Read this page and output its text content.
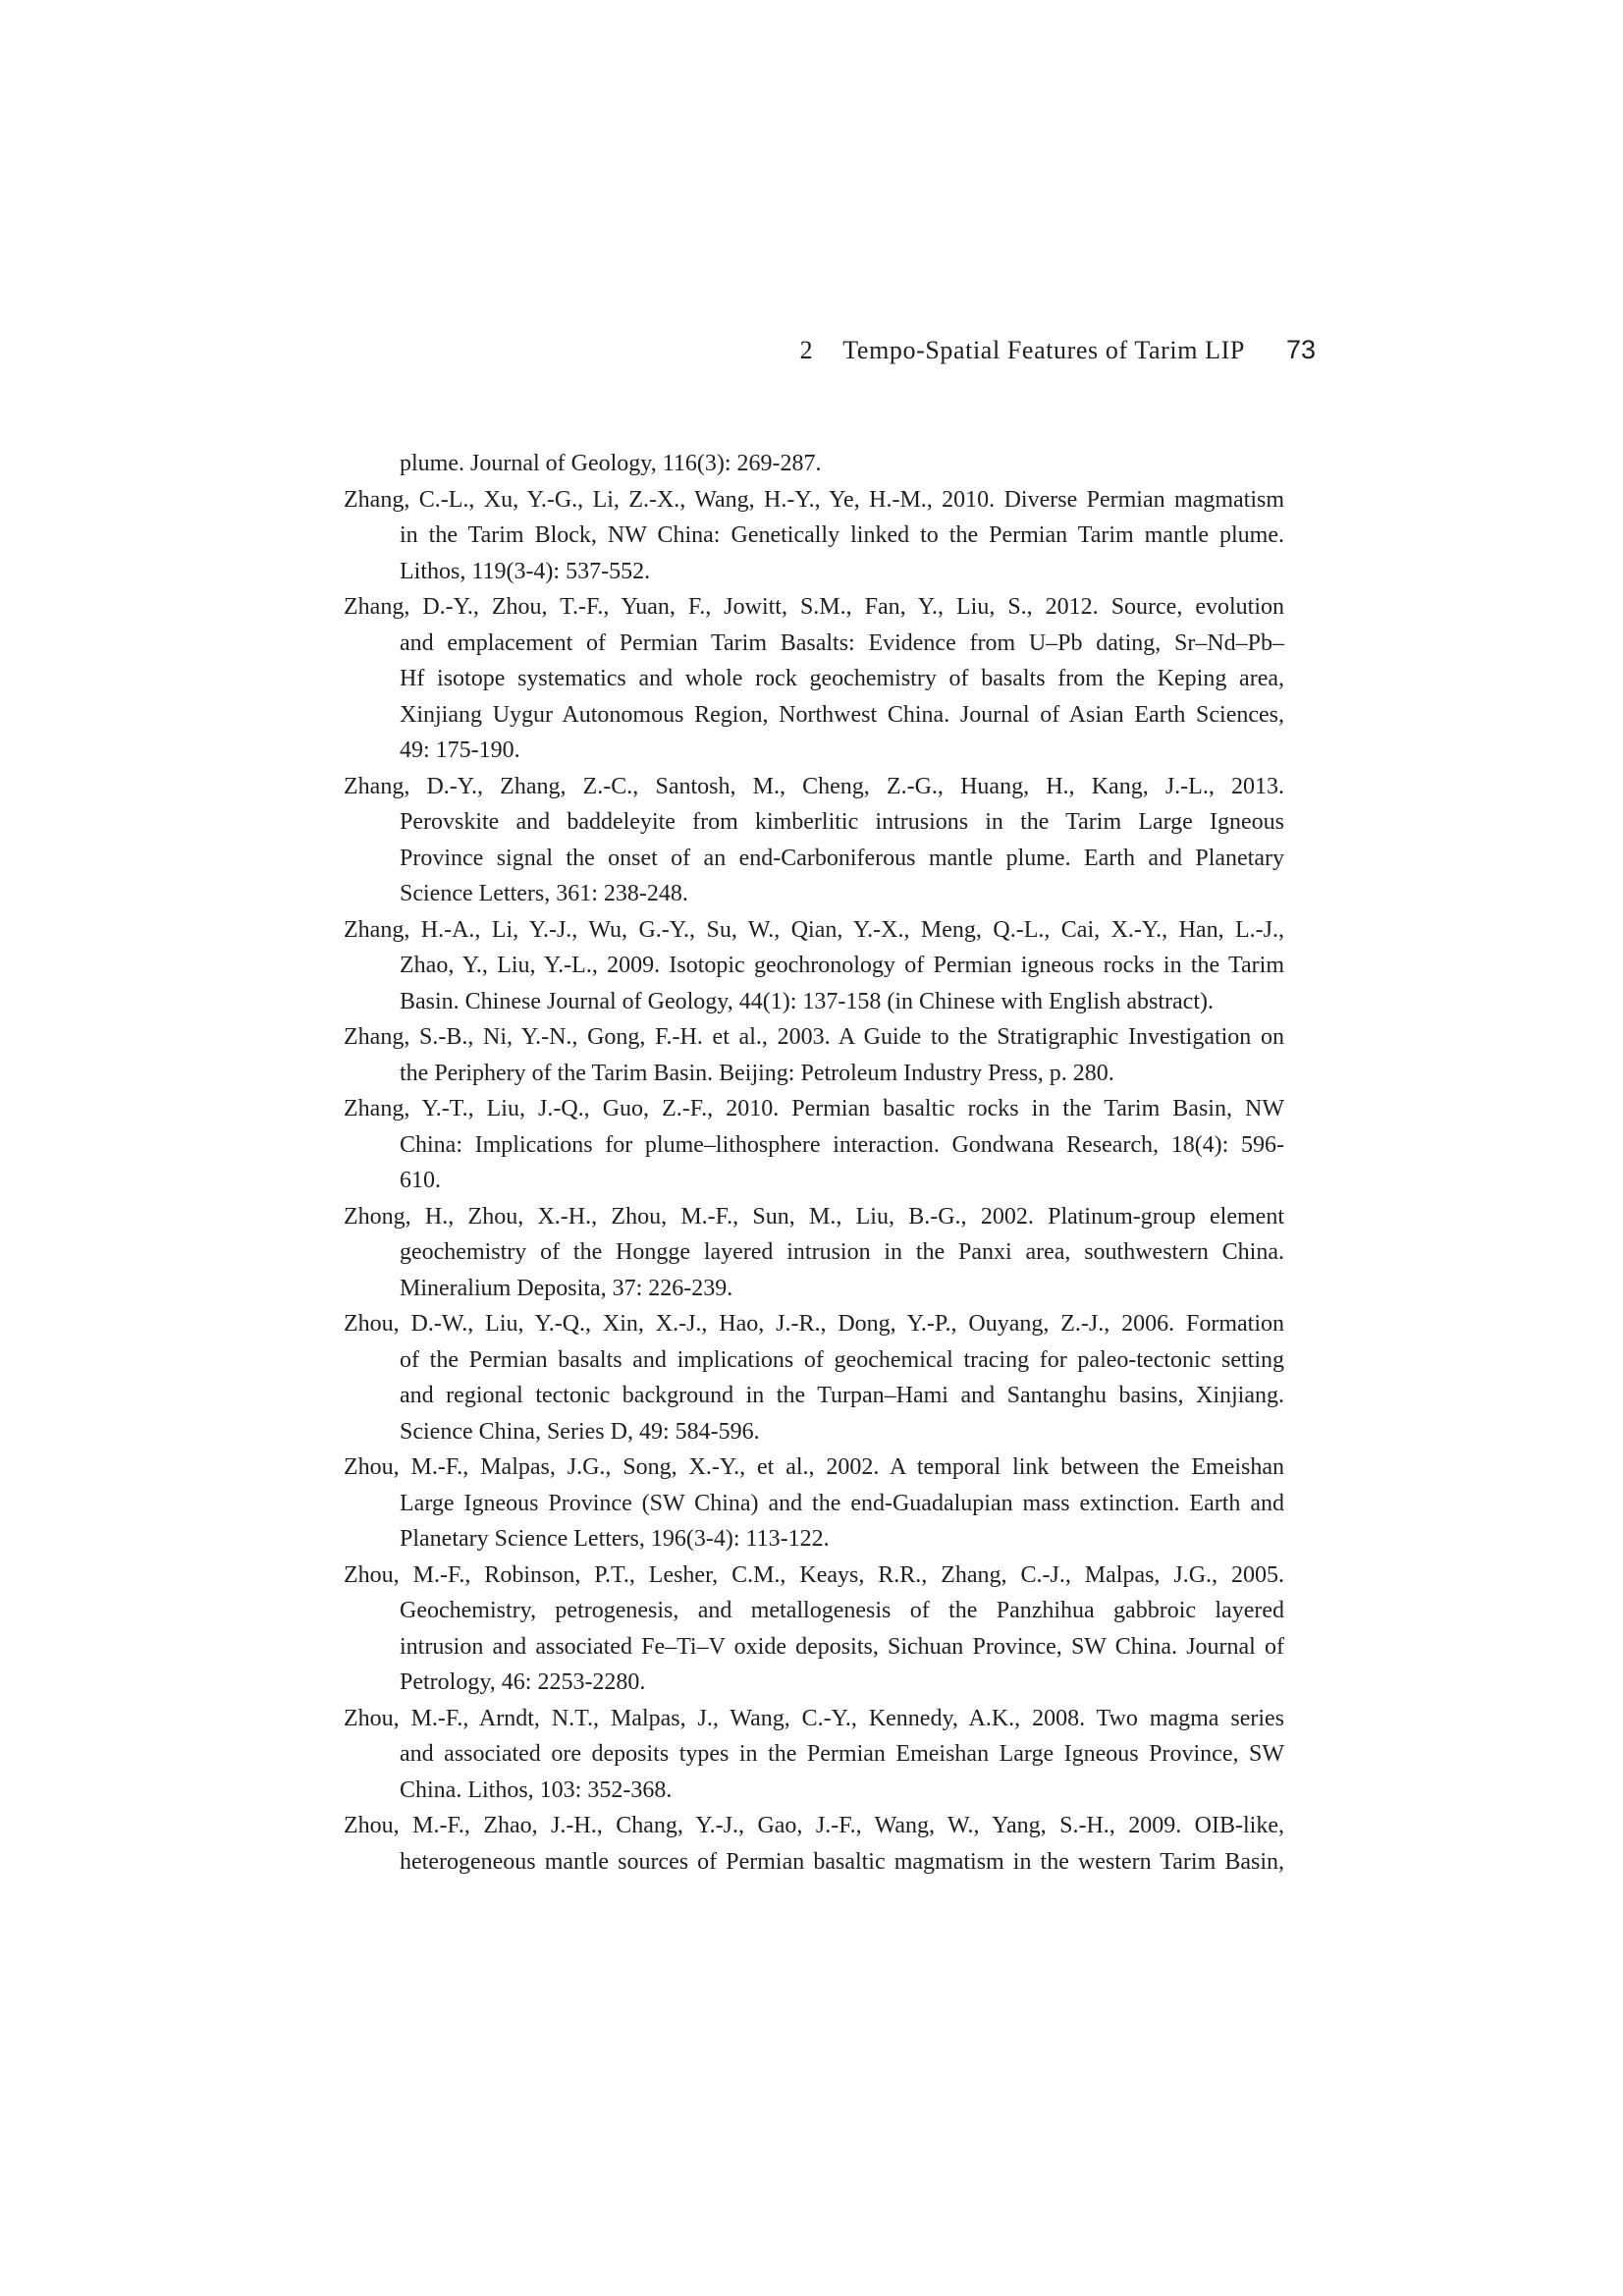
2 Tempo-Spatial Features of Tarim LIP 73
plume. Journal of Geology, 116(3): 269-287.
Zhang, C.-L., Xu, Y.-G., Li, Z.-X., Wang, H.-Y., Ye, H.-M., 2010. Diverse Permian magmatism
in the Tarim Block, NW China: Genetically linked to the Permian Tarim mantle plume.
Lithos, 119(3-4): 537-552.
Zhang, D.-Y., Zhou, T.-F., Yuan, F., Jowitt, S.M., Fan, Y., Liu, S., 2012. Source, evolution
and emplacement of Permian Tarim Basalts: Evidence from U–Pb dating, Sr–Nd–Pb–
Hf isotope systematics and whole rock geochemistry of basalts from the Keping area,
Xinjiang Uygur Autonomous Region, Northwest China. Journal of Asian Earth Sciences,
49: 175-190.
Zhang, D.-Y., Zhang, Z.-C., Santosh, M., Cheng, Z.-G., Huang, H., Kang, J.-L., 2013.
Perovskite and baddeleyite from kimberlitic intrusions in the Tarim Large Igneous
Province signal the onset of an end-Carboniferous mantle plume. Earth and Planetary
Science Letters, 361: 238-248.
Zhang, H.-A., Li, Y.-J., Wu, G.-Y., Su, W., Qian, Y.-X., Meng, Q.-L., Cai, X.-Y., Han, L.-J.,
Zhao, Y., Liu, Y.-L., 2009. Isotopic geochronology of Permian igneous rocks in the Tarim
Basin. Chinese Journal of Geology, 44(1): 137-158 (in Chinese with English abstract).
Zhang, S.-B., Ni, Y.-N., Gong, F.-H. et al., 2003. A Guide to the Stratigraphic Investigation on
the Periphery of the Tarim Basin. Beijing: Petroleum Industry Press, p. 280.
Zhang, Y.-T., Liu, J.-Q., Guo, Z.-F., 2010. Permian basaltic rocks in the Tarim Basin, NW
China: Implications for plume–lithosphere interaction. Gondwana Research, 18(4): 596-
610.
Zhong, H., Zhou, X.-H., Zhou, M.-F., Sun, M., Liu, B.-G., 2002. Platinum-group element
geochemistry of the Hongge layered intrusion in the Panxi area, southwestern China.
Mineralium Deposita, 37: 226-239.
Zhou, D.-W., Liu, Y.-Q., Xin, X.-J., Hao, J.-R., Dong, Y.-P., Ouyang, Z.-J., 2006. Formation
of the Permian basalts and implications of geochemical tracing for paleo-tectonic setting
and regional tectonic background in the Turpan–Hami and Santanghu basins, Xinjiang.
Science China, Series D, 49: 584-596.
Zhou, M.-F., Malpas, J.G., Song, X.-Y., et al., 2002. A temporal link between the Emeishan
Large Igneous Province (SW China) and the end-Guadalupian mass extinction. Earth and
Planetary Science Letters, 196(3-4): 113-122.
Zhou, M.-F., Robinson, P.T., Lesher, C.M., Keays, R.R., Zhang, C.-J., Malpas, J.G., 2005.
Geochemistry, petrogenesis, and metallogenesis of the Panzhihua gabbroic layered
intrusion and associated Fe–Ti–V oxide deposits, Sichuan Province, SW China. Journal of
Petrology, 46: 2253-2280.
Zhou, M.-F., Arndt, N.T., Malpas, J., Wang, C.-Y., Kennedy, A.K., 2008. Two magma series
and associated ore deposits types in the Permian Emeishan Large Igneous Province, SW
China. Lithos, 103: 352-368.
Zhou, M.-F., Zhao, J.-H., Chang, Y.-J., Gao, J.-F., Wang, W., Yang, S.-H., 2009. OIB-like,
heterogeneous mantle sources of Permian basaltic magmatism in the western Tarim Basin,
